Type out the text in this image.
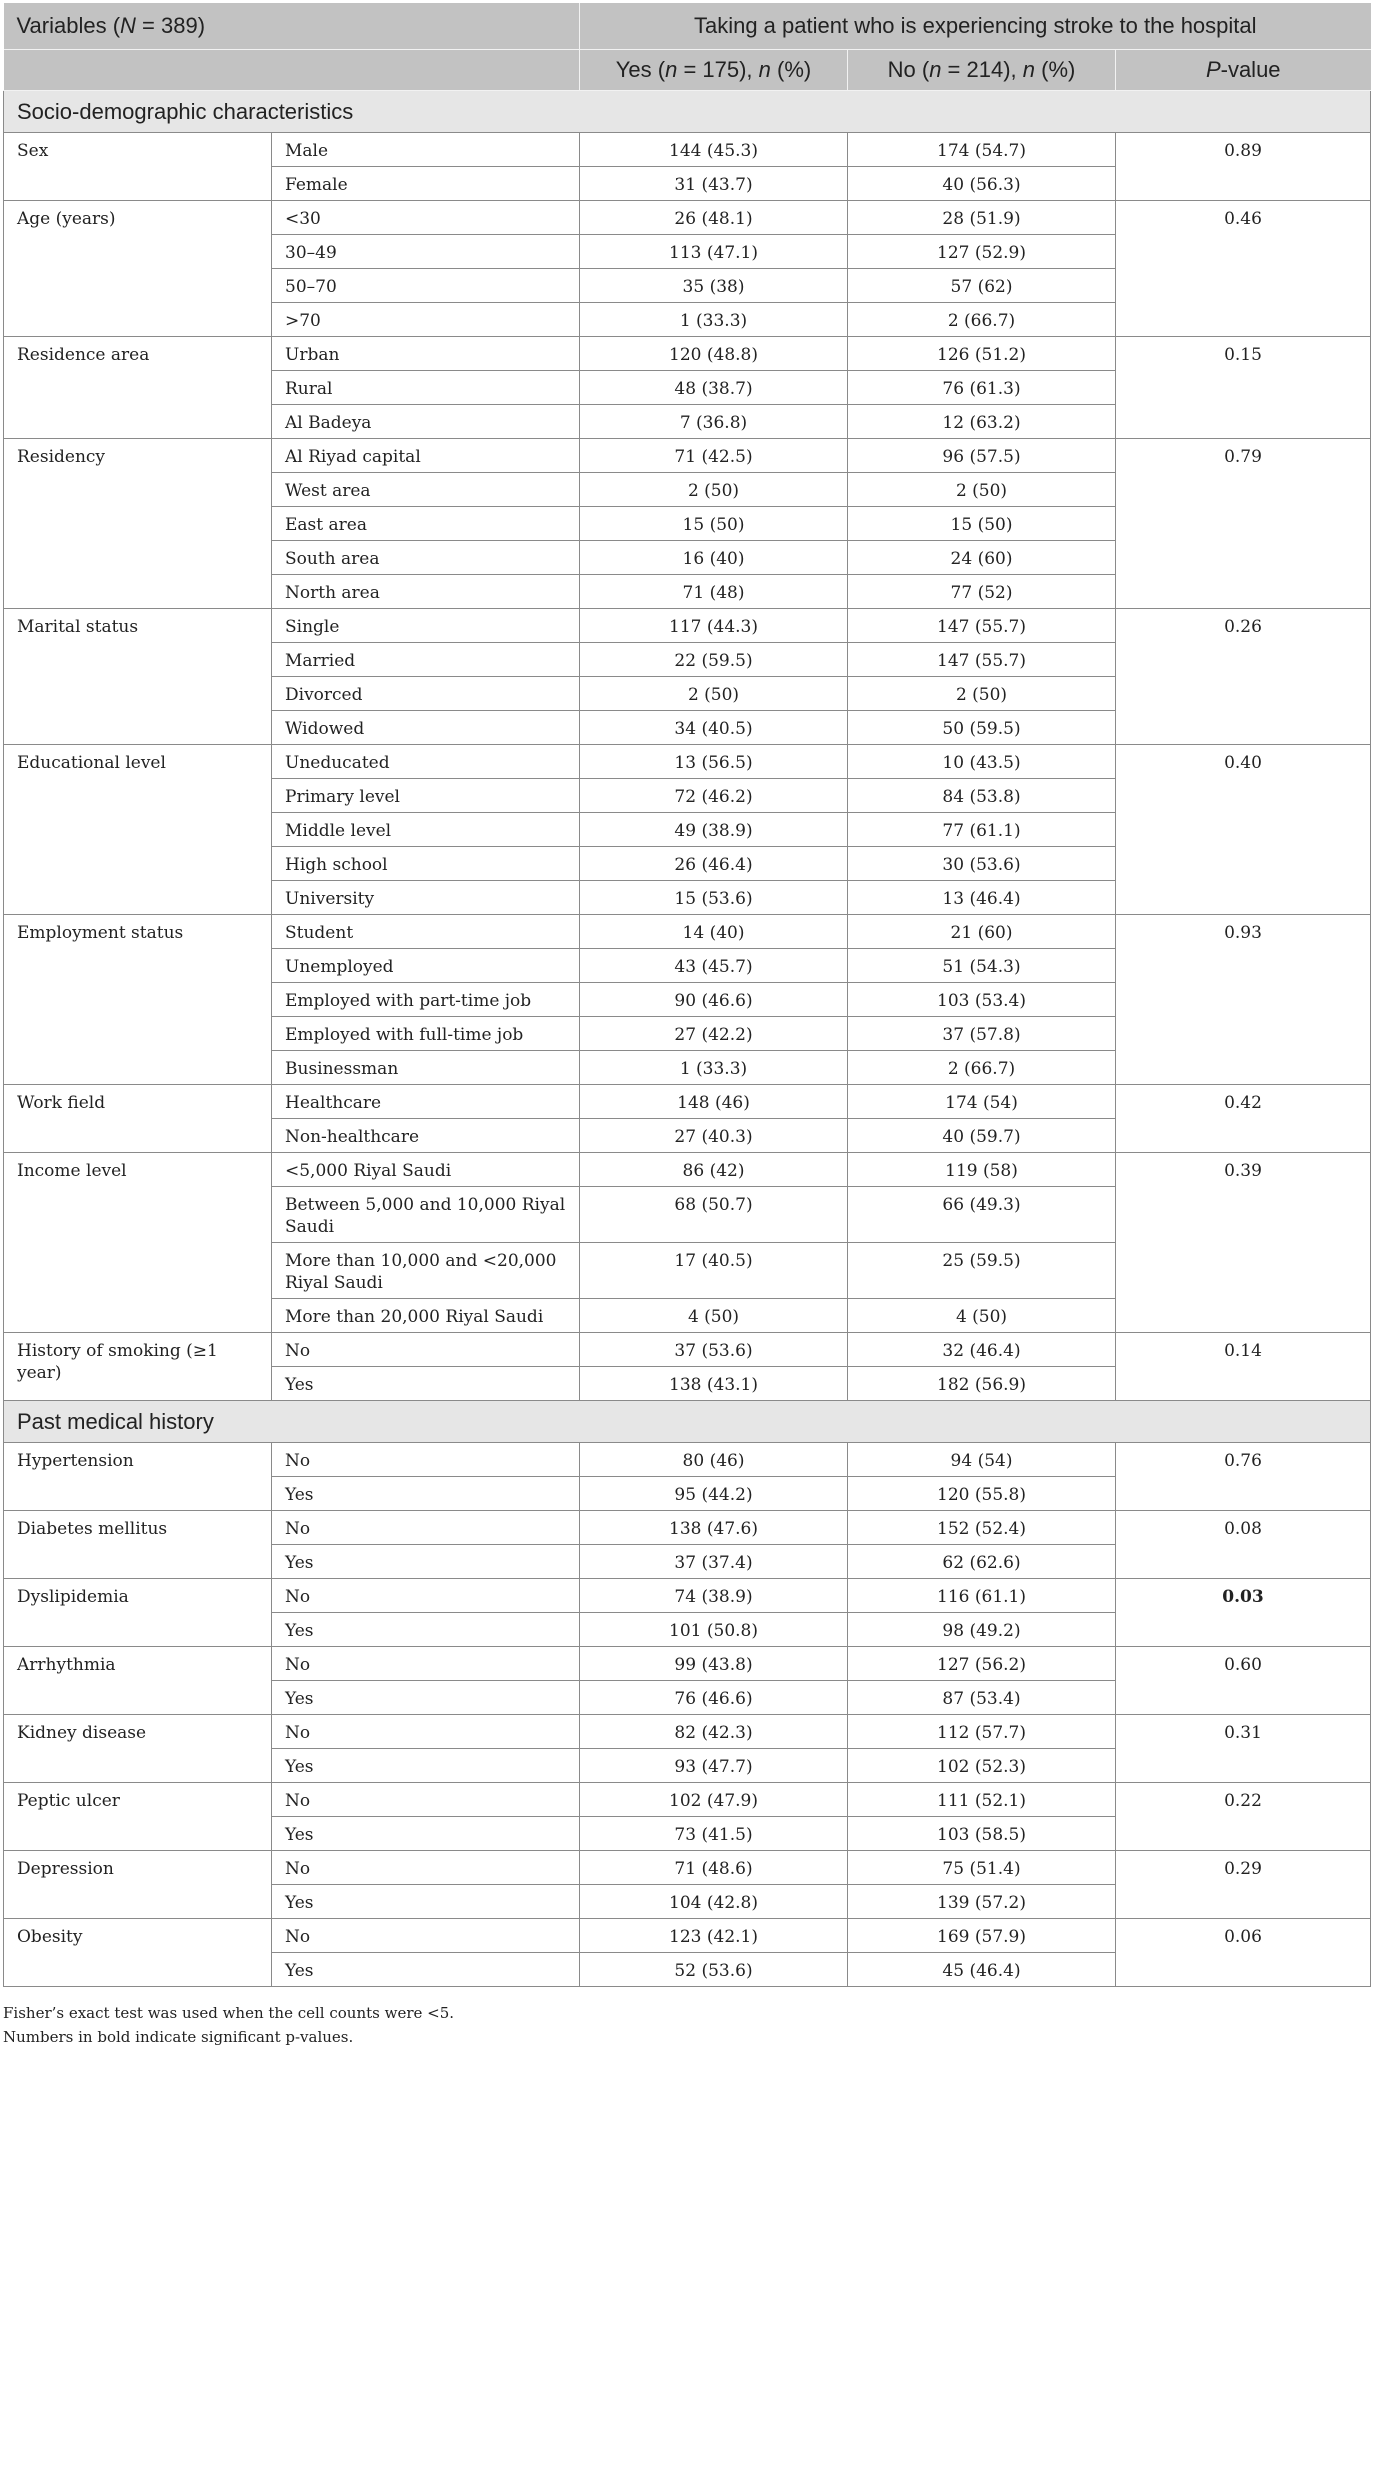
Variables (N = 389)		Taking a patient who is experiencing stroke to the hospital		
		Yes (n = 175), n (%)	No (n = 214), n (%)	P-value
Socio-demographic characteristics				
Sex	Male	144 (45.3)	174 (54.7)	0.89
	Female	31 (43.7)	40 (56.3)	
Age (years)	<30	26 (48.1)	28 (51.9)	0.46
	30–49	113 (47.1)	127 (52.9)	
	50–70	35 (38)	57 (62)	
	>70	1 (33.3)	2 (66.7)	
Residence area	Urban	120 (48.8)	126 (51.2)	0.15
	Rural	48 (38.7)	76 (61.3)	
	Al Badeya	7 (36.8)	12 (63.2)	
Residency	Al Riyad capital	71 (42.5)	96 (57.5)	0.79
	West area	2 (50)	2 (50)	
	East area	15 (50)	15 (50)	
	South area	16 (40)	24 (60)	
	North area	71 (48)	77 (52)	
Marital status	Single	117 (44.3)	147 (55.7)	0.26
	Married	22 (59.5)	147 (55.7)	
	Divorced	2 (50)	2 (50)	
	Widowed	34 (40.5)	50 (59.5)	
Educational level	Uneducated	13 (56.5)	10 (43.5)	0.40
	Primary level	72 (46.2)	84 (53.8)	
	Middle level	49 (38.9)	77 (61.1)	
	High school	26 (46.4)	30 (53.6)	
	University	15 (53.6)	13 (46.4)	
Employment status	Student	14 (40)	21 (60)	0.93
	Unemployed	43 (45.7)	51 (54.3)	
	Employed with part-time job	90 (46.6)	103 (53.4)	
	Employed with full-time job	27 (42.2)	37 (57.8)	
	Businessman	1 (33.3)	2 (66.7)	
Work field	Healthcare	148 (46)	174 (54)	0.42
	Non-healthcare	27 (40.3)	40 (59.7)	
Income level	<5,000 Riyal Saudi	86 (42)	119 (58)	0.39
	Between 5,000 and 10,000 Riyal Saudi	68 (50.7)	66 (49.3)	
	More than 10,000 and <20,000 Riyal Saudi	17 (40.5)	25 (59.5)	
	More than 20,000 Riyal Saudi	4 (50)	4 (50)	
History of smoking (≥1 year)	No	37 (53.6)	32 (46.4)	0.14
	Yes	138 (43.1)	182 (56.9)	
Past medical history				
Hypertension	No	80 (46)	94 (54)	0.76
	Yes	95 (44.2)	120 (55.8)	
Diabetes mellitus	No	138 (47.6)	152 (52.4)	0.08
	Yes	37 (37.4)	62 (62.6)	
Dyslipidemia	No	74 (38.9)	116 (61.1)	0.03
	Yes	101 (50.8)	98 (49.2)	
Arrhythmia	No	99 (43.8)	127 (56.2)	0.60
	Yes	76 (46.6)	87 (53.4)	
Kidney disease	No	82 (42.3)	112 (57.7)	0.31
	Yes	93 (47.7)	102 (52.3)	
Peptic ulcer	No	102 (47.9)	111 (52.1)	0.22
	Yes	73 (41.5)	103 (58.5)	
Depression	No	71 (48.6)	75 (51.4)	0.29
	Yes	104 (42.8)	139 (57.2)	
Obesity	No	123 (42.1)	169 (57.9)	0.06
	Yes	52 (53.6)	45 (46.4)	
Fisher’s exact test was used when the cell counts were <5.
Numbers in bold indicate significant p-values.
